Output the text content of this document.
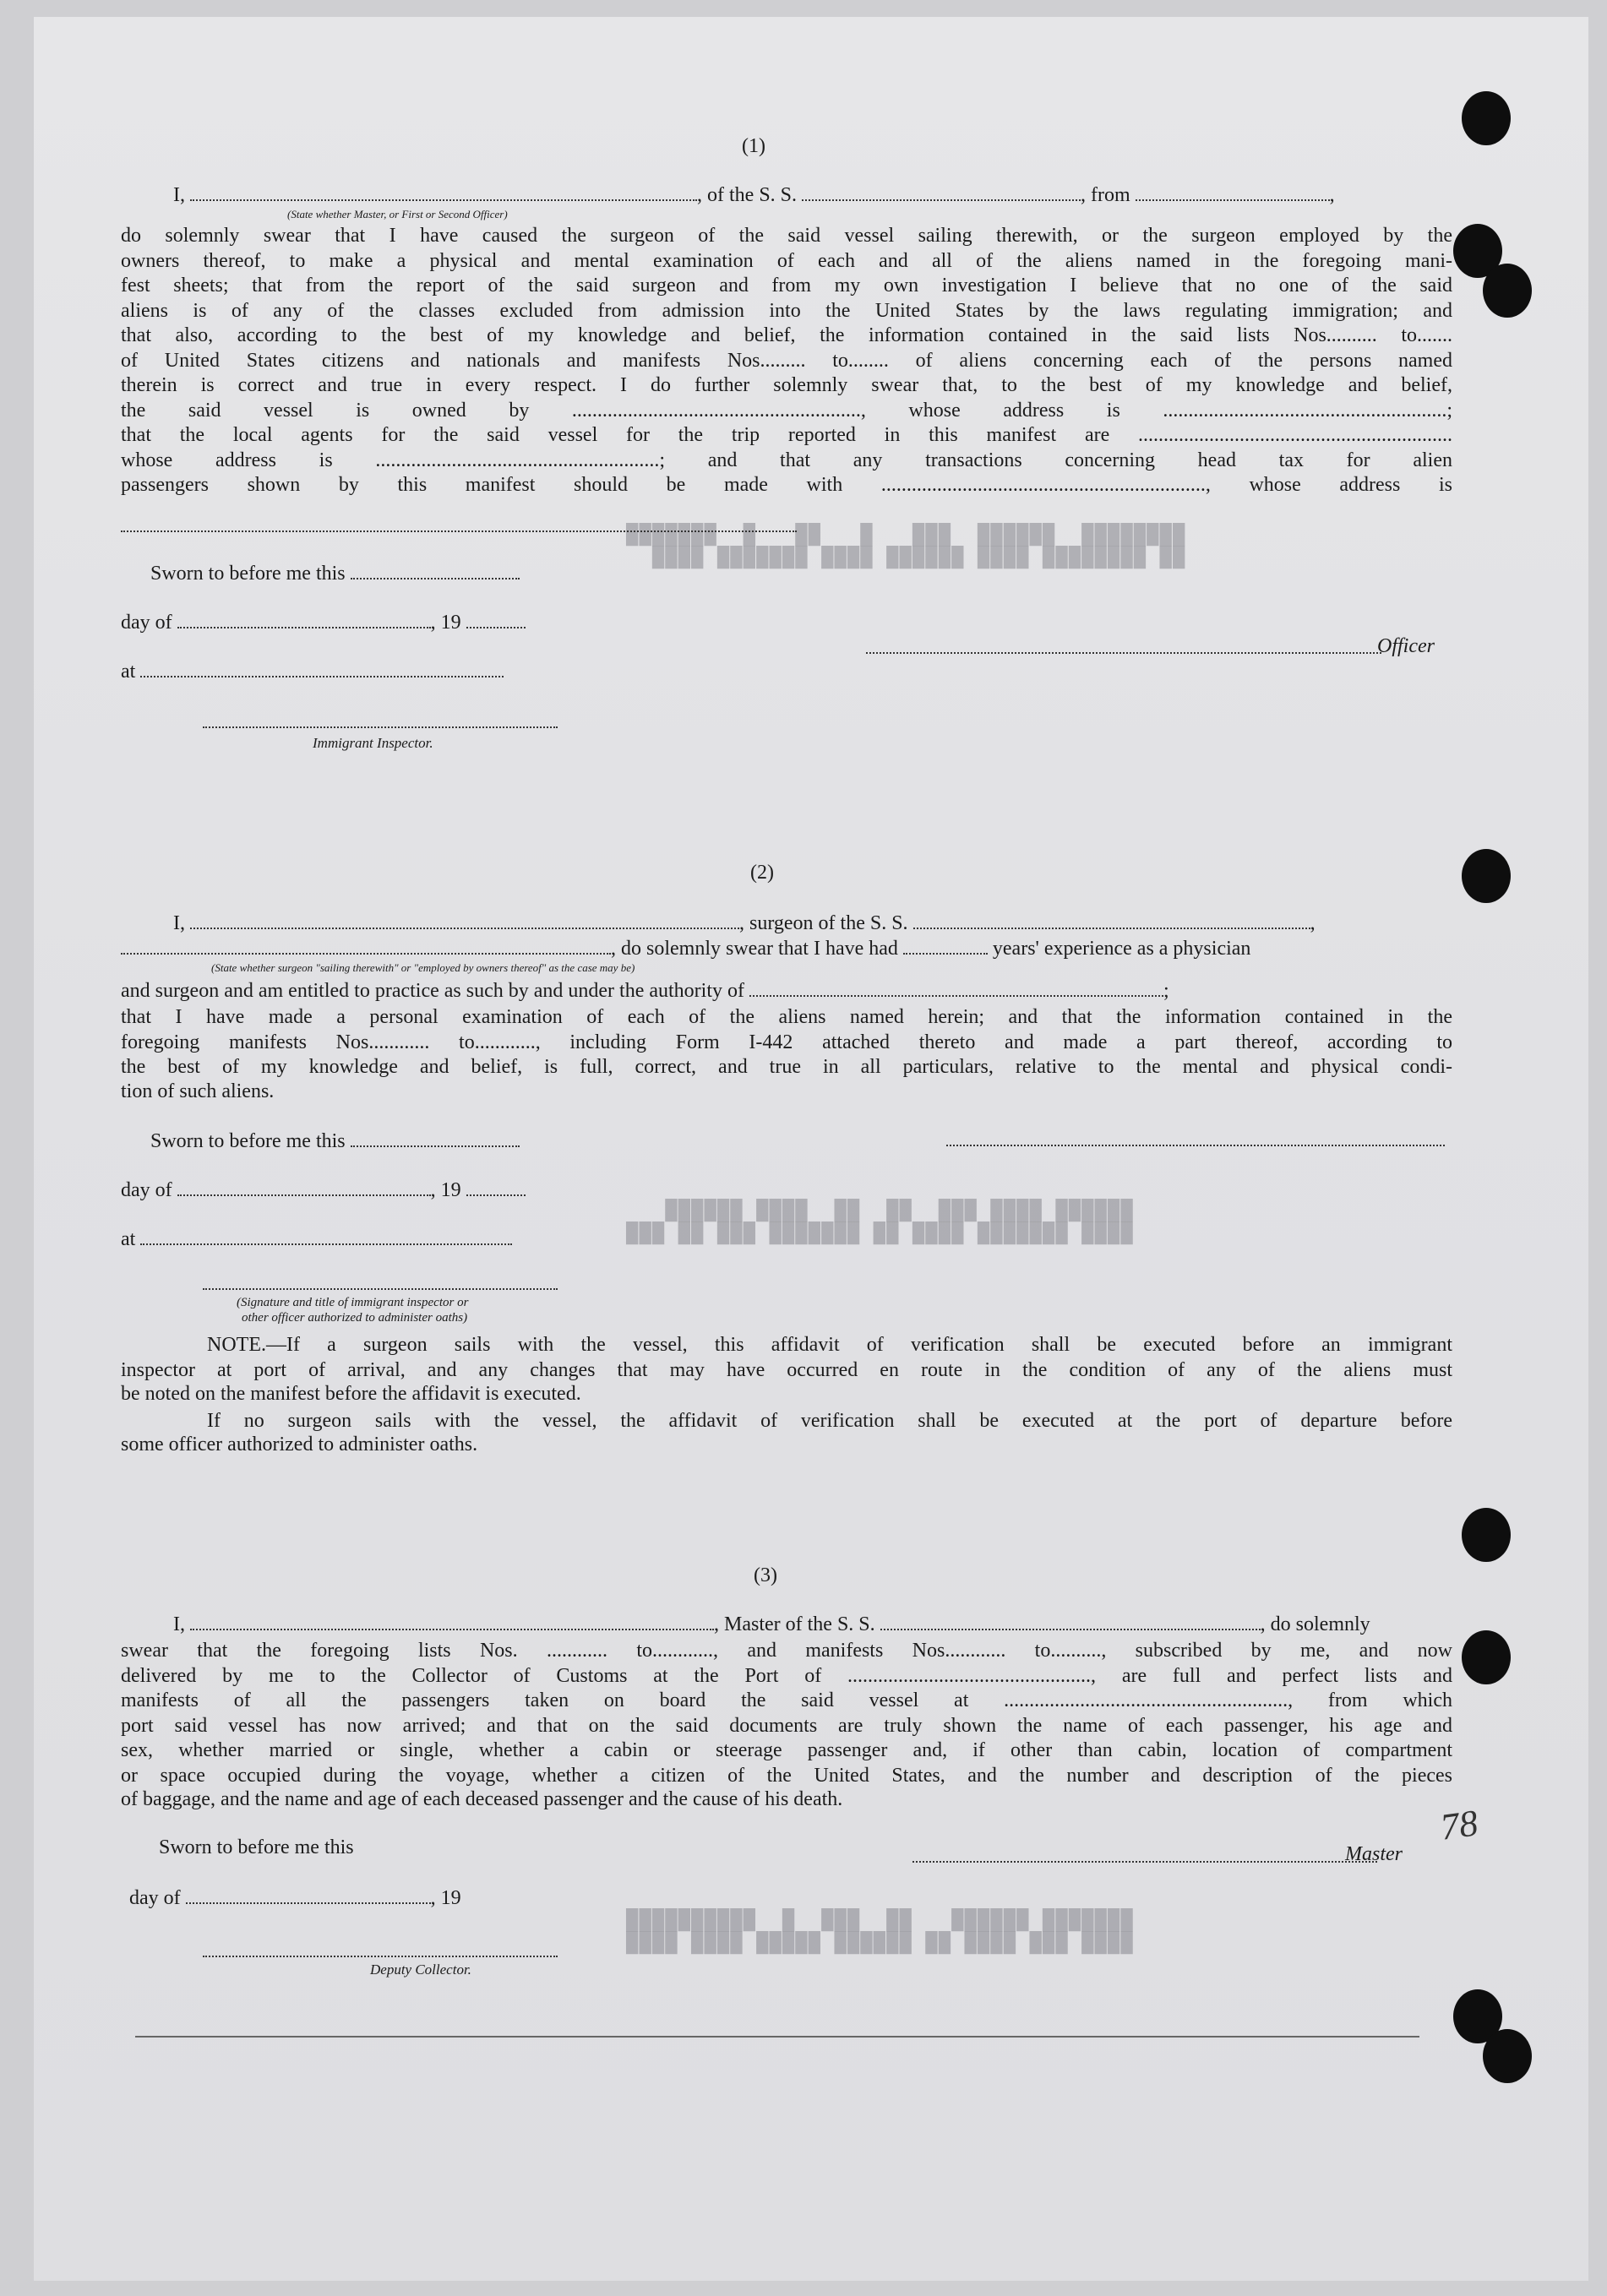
████████  ██████  ███   █   ██   █  ███████
██ ████████ ████ ██████ ████ ███████ ████
██████ ████ ███  ██  ██  ████ ██████
████ ███████ ████ ██ ███████ ███ ██ ███
███████ ██████   ██  ███  █  ██████████
████ ███ ████ ██ ██████ █████ ████ ████
(1)
I,	, of the S. S.	, from	,
(State whether Master, or First or Second Officer)
do solemnly swear that I have caused the surgeon of the said vessel sailing therewith, or the surgeon employed by the
owners thereof, to make a physical and mental examination of each and all of the aliens named in the foregoing mani-
fest sheets; that from the report of the said surgeon and from my own investigation I believe that no one of the said
aliens is of any of the classes excluded from admission into the United States by the laws regulating immigration; and
that also, according to the best of my knowledge and belief, the information contained in the said lists Nos.......... to.......
of United States citizens and nationals and manifests Nos......... to........ of aliens concerning each of the persons named
therein is correct and true in every respect. I do further solemnly swear that, to the best of my knowledge and belief,
the said vessel is owned by ........................................................., whose address is ........................................................;
that the local agents for the said vessel for the trip reported in this manifest are ..............................................................
whose address is ........................................................; and that any transactions concerning head tax for alien
passengers shown by this manifest should be made with ................................................................, whose address is
Sworn to before me this
day of	, 19
at
Immigrant Inspector.
Officer
(2)
I,	, surgeon of the S. S.	,
, do solemnly swear that I have had	years' experience as a physician
(State whether surgeon "sailing therewith" or "employed by owners thereof" as the case may be)
and surgeon and am entitled to practice as such by and under the authority of	;
that I have made a personal examination of each of the aliens named herein; and that the information contained in the
foregoing manifests Nos............ to............, including Form I-442 attached thereto and made a part thereof, according to
the best of my knowledge and belief, is full, correct, and true in all particulars, relative to the mental and physical condi-
tion of such aliens.
Sworn to before me this
day of	, 19
at
(Signature and title of immigrant inspector or
other officer authorized to administer oaths)
NOTE.—If a surgeon sails with the vessel, this affidavit of verification shall be executed before an immigrant
inspector at port of arrival, and any changes that may have occurred en route in the condition of any of the aliens must
be noted on the manifest before the affidavit is executed.
If no surgeon sails with the vessel, the affidavit of verification shall be executed at the port of departure before
some officer authorized to administer oaths.
(3)
I,	, Master of the S. S.	, do solemnly
swear that the foregoing lists Nos. ............ to............, and manifests Nos............ to.........., subscribed by me, and now
delivered by me to the Collector of Customs at the Port of ................................................, are full and perfect lists and
manifests of all the passengers taken on board the said vessel at ........................................................, from which
port said vessel has now arrived; and that on the said documents are truly shown the name of each passenger, his age and
sex, whether married or single, whether a cabin or steerage passenger and, if other than cabin, location of compartment
or space occupied during the voyage, whether a citizen of the United States, and the number and description of the pieces
of baggage, and the name and age of each deceased passenger and the cause of his death.
Sworn to before me this
day of	, 19
Deputy Collector.
Master
78
